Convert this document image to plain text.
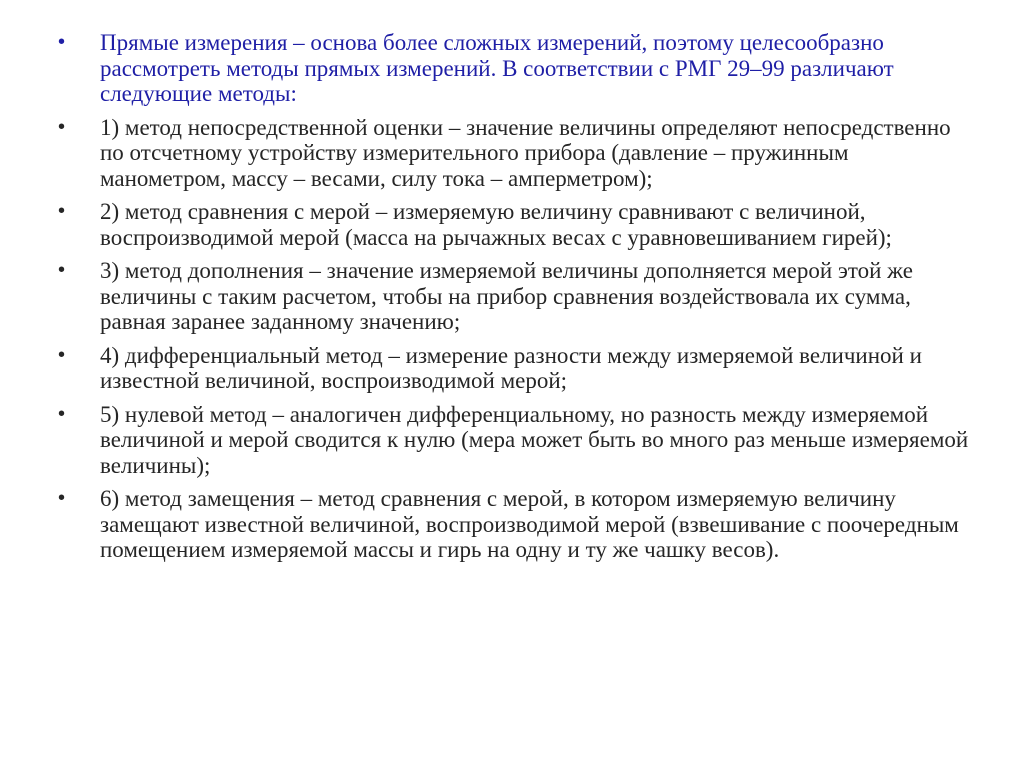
•	Прямые измерения – основа более сложных измерений, поэтому целесообразно рассмотреть методы прямых измерений. В соответствии с РМГ 29–99 различают следующие методы:
•	1) метод непосредственной оценки – значение величины определяют непосредственно по отсчетному устройству измерительного прибора (давление – пружинным манометром, массу – весами, силу тока – амперметром);
•	2) метод сравнения с мерой – измеряемую величину сравнивают с величиной, воспроизводимой мерой (масса на рычажных весах с уравновешиванием гирей);
•	3) метод дополнения – значение измеряемой величины дополняется мерой этой же величины с таким расчетом, чтобы на прибор сравнения воздействовала их сумма, равная заранее заданному значению;
•	4) дифференциальный метод – измерение разности между измеряемой величиной и известной величиной, воспроизводимой мерой;
•	5) нулевой метод – аналогичен дифференциальному, но разность между измеряемой величиной и мерой сводится к нулю (мера может быть во много раз меньше измеряемой величины);
•	6) метод замещения – метод сравнения с мерой, в котором измеряемую величину замещают известной величиной, воспроизводимой мерой (взвешивание с поочередным помещением измеряемой массы и гирь на одну и ту же чашку весов).
